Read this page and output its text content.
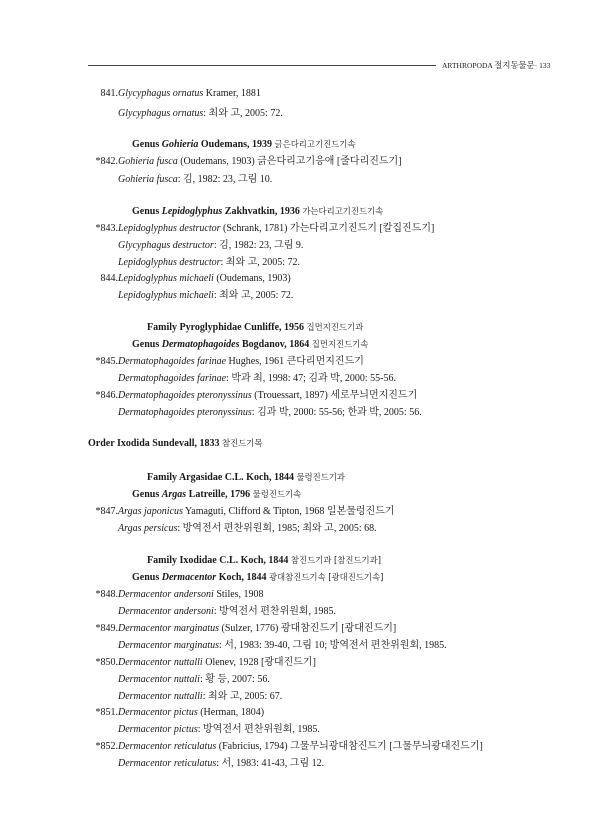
ARTHROPODA 절지동물문· 133
841. Glycyphagus ornatus Kramer, 1881
Glycyphagus ornatus: 최와 고, 2005: 72.
Genus Gohieria Oudemans, 1939 긁은다리고기진드기속
*842. Gohieria fusca (Oudemans, 1903) 긁은다리고기응애 [줄다리진드기]
Gohieria fusca: 김, 1982: 23, 그림 10.
Genus Lepidoglyphus Zakhvatkin, 1936 가는다리고기진드기속
*843. Lepidoglyphus destructor (Schrank, 1781) 가는다리고기진드기 [칼집진드기]
Glycyphagus destructor: 김, 1982: 23, 그림 9.
Lepidoglyphus destructor: 최와 고, 2005: 72.
844. Lepidoglyphus michaeli (Oudemans, 1903)
Lepidoglyphus michaeli: 최와 고, 2005: 72.
Family Pyroglyphidae Cunliffe, 1956 집먼지진드기과
Genus Dermatophagoides Bogdanov, 1864 집먼지진드기속
*845. Dermatophagoides farinae Hughes, 1961 큰다리먼지진드기
Dermatophagoides farinae: 박과 최, 1998: 47; 김과 박, 2000: 55-56.
*846. Dermatophagoides pteronyssinus (Trouessart, 1897) 세로무늬먼지진드기
Dermatophagoides pteronyssinus: 김과 박, 2000: 55-56; 한과 박, 2005: 56.
Order Ixodida Sundevall, 1833 참진드기목
Family Argasidae C.L. Koch, 1844 물렁진드기과
Genus Argas Latreille, 1796 물렁진드기속
*847. Argas japonicus Yamaguti, Clifford & Tipton, 1968 일본물렁진드기
Argas persicus: 방역전서 편찬위원회, 1985; 최와 고, 2005: 68.
Family Ixodidae C.L. Koch, 1844 참진드기과 [참진드기과]
Genus Dermacentor Koch, 1844 광대참진드기속 [광대진드기속]
*848. Dermacentor andersoni Stiles, 1908
Dermacentor andersoni: 방역전서 편찬위원회, 1985.
*849. Dermacentor marginatus (Sulzer, 1776) 광대참진드기 [광대진드기]
Dermacentor marginatus: 서, 1983: 39-40, 그림 10; 방역전서 편찬위원회, 1985.
*850. Dermacentor nuttalli Olenev, 1928 [광대진드기]
Dermacentor nuttali: 황 등, 2007: 56.
Dermacentor nuttalli: 최와 고, 2005: 67.
*851. Dermacentor pictus (Herman, 1804)
Dermacentor pictus: 방역전서 편찬위원회, 1985.
*852. Dermacentor reticulatus (Fabricius, 1794) 그물무늬광대참진드기 [그물무늬광대진드기]
Dermacentor reticulatus: 서, 1983: 41-43, 그림 12.
